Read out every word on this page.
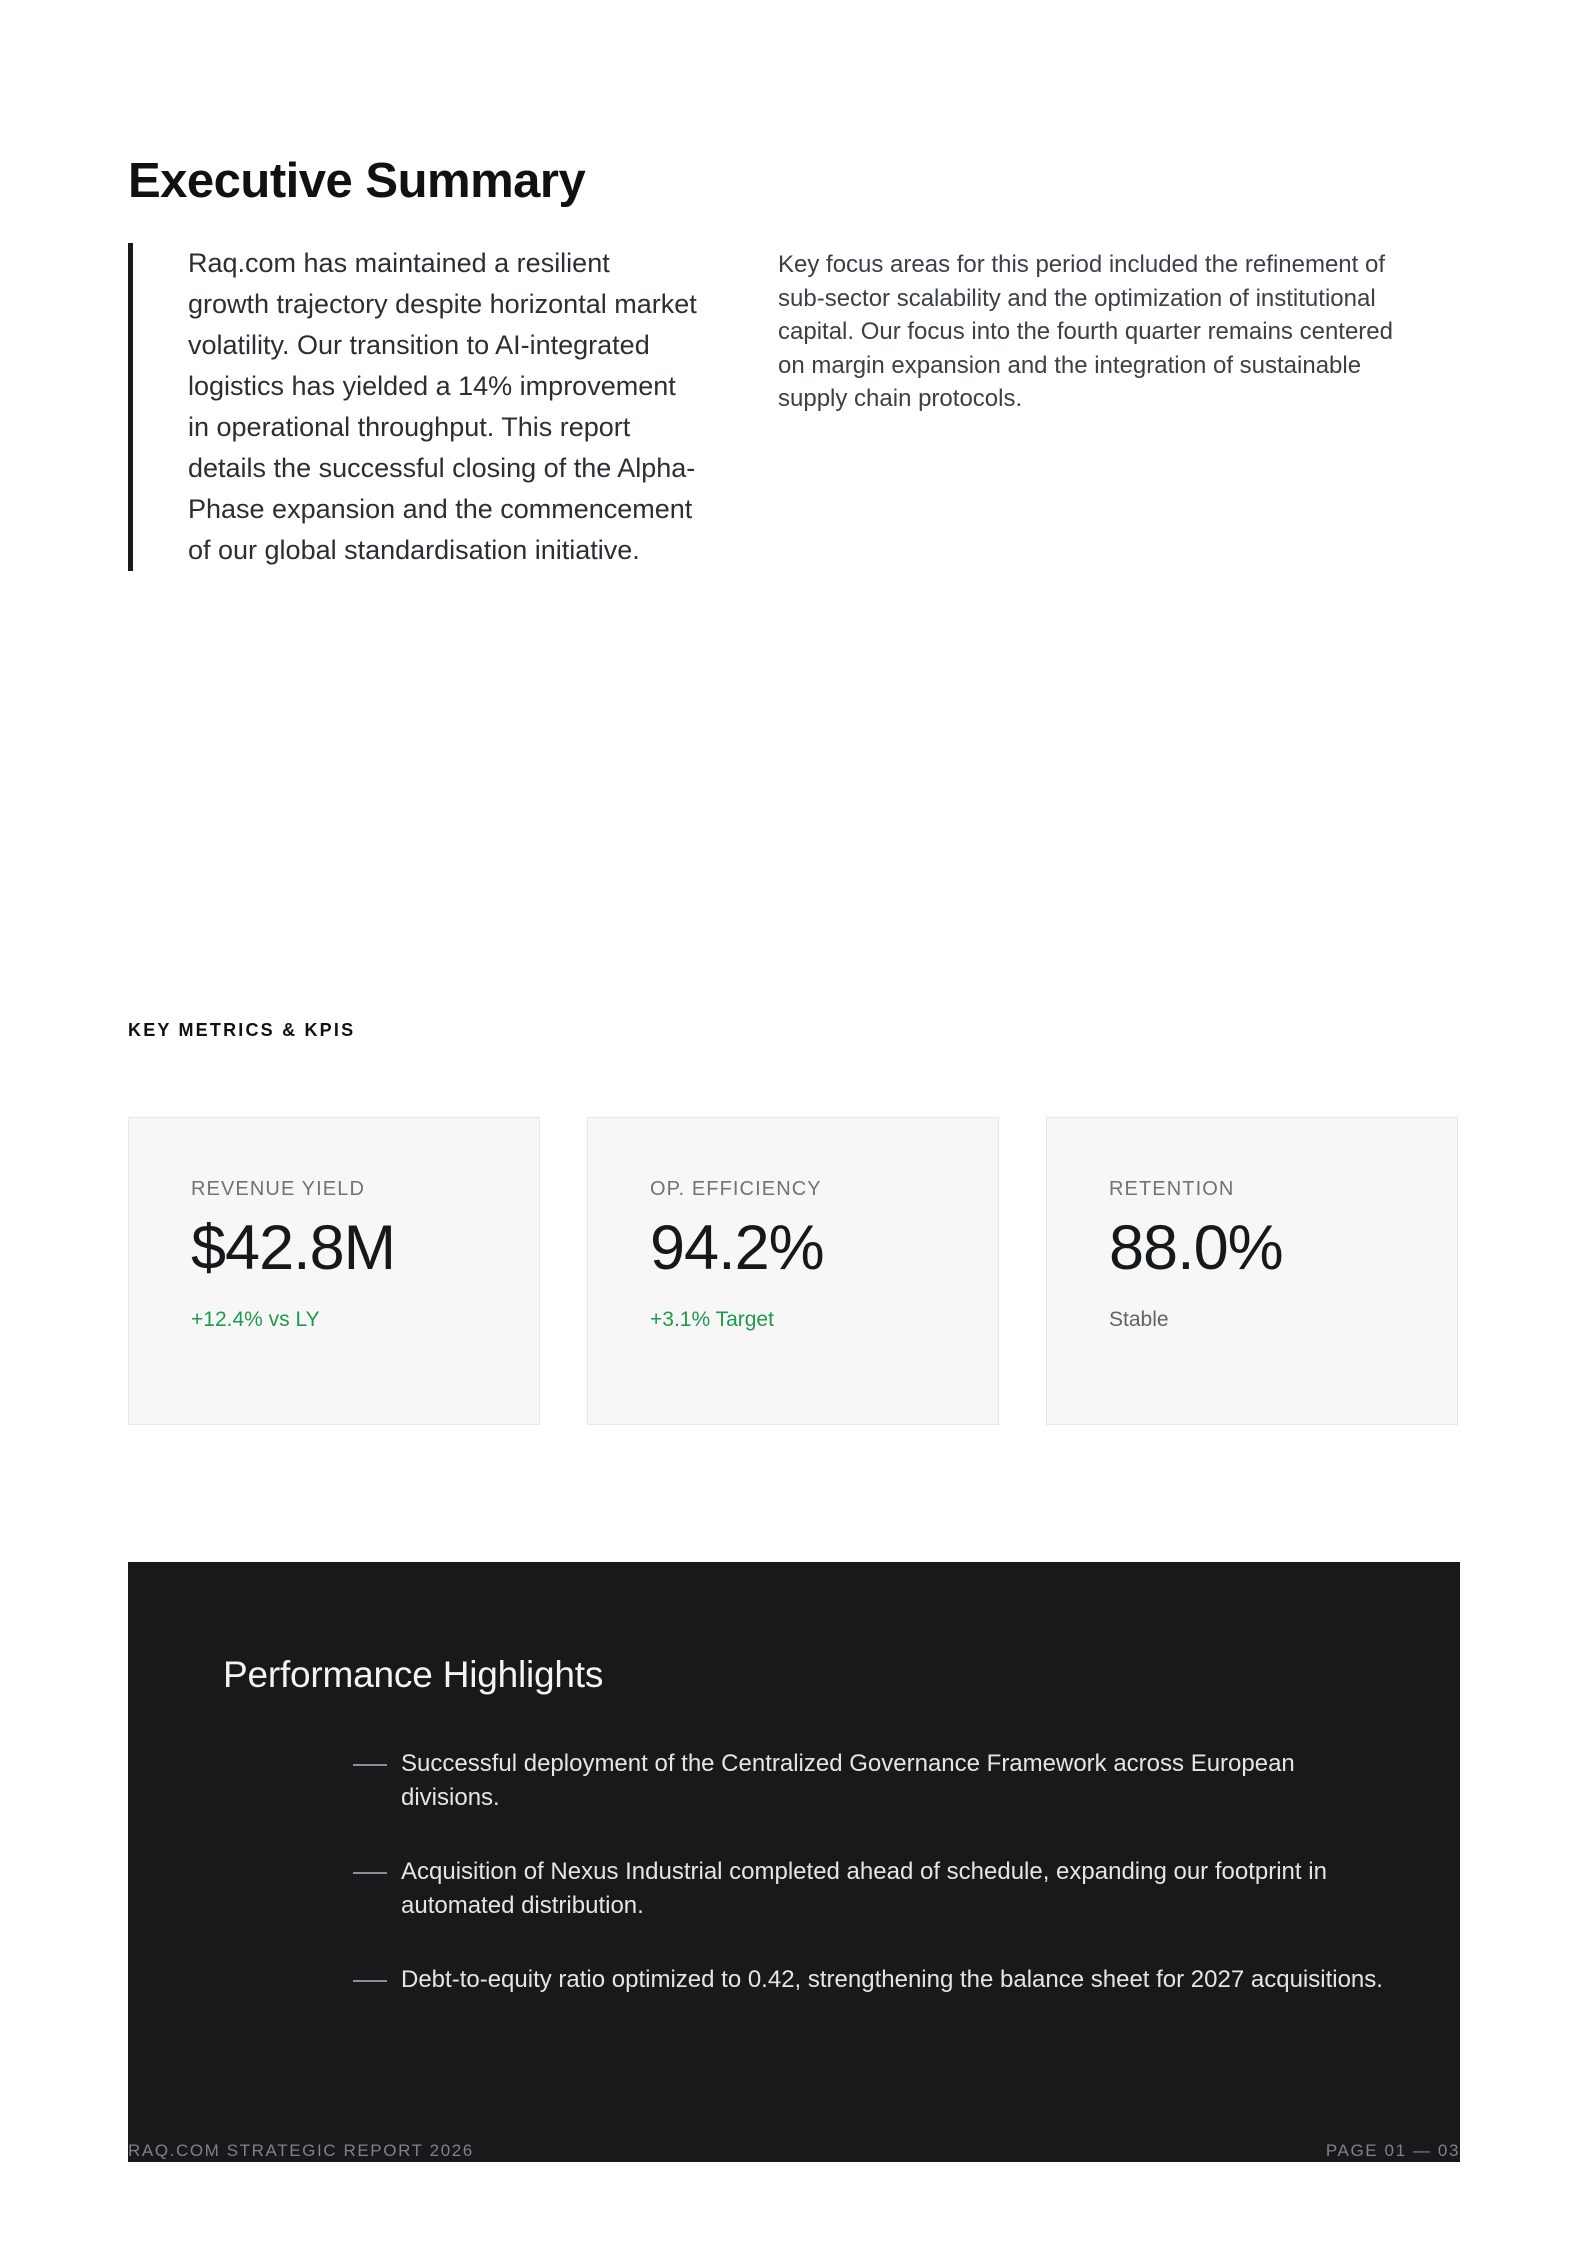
Executive Summary

Raq.com has maintained a resilient growth trajectory despite horizontal market volatility. Our transition to AI-integrated logistics has yielded a 14% improvement in operational throughput. This report details the successful closing of the Alpha-Phase expansion and the commencement of our global standardisation initiative.

Key focus areas for this period included the refinement of sub-sector scalability and the optimization of institutional capital. Our focus into the fourth quarter remains centered on margin expansion and the integration of sustainable supply chain protocols.

KEY METRICS & KPIS
REVENUE YIELD
$42.8M
+12.4% vs LY
OP. EFFICIENCY
94.2%
+3.1% Target
RETENTION
88.0%
Stable
Performance Highlights
Successful deployment of the Centralized Governance Framework across European divisions.
Acquisition of Nexus Industrial completed ahead of schedule, expanding our footprint in automated distribution.
Debt-to-equity ratio optimized to 0.42, strengthening the balance sheet for 2027 acquisitions.
RAQ.COM STRATEGIC REPORT 2026	PAGE 01 — 03
